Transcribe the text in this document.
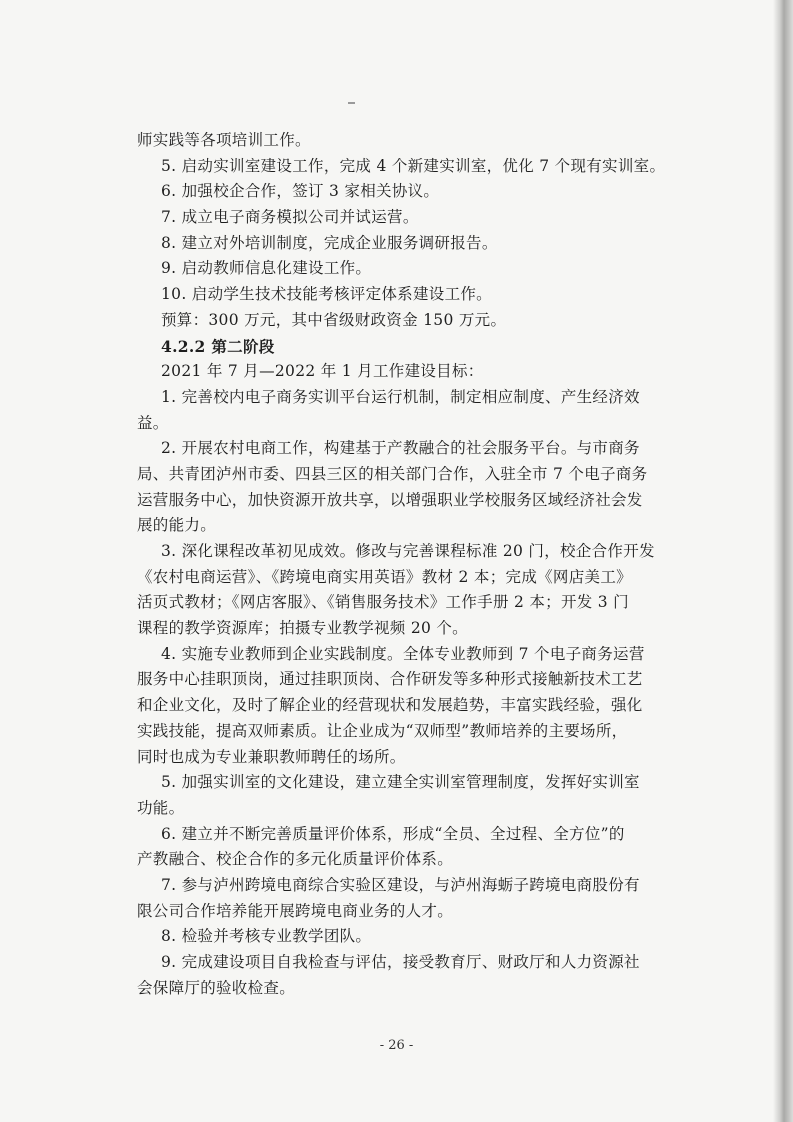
师实践等各项培训工作。
5. 启动实训室建设工作，完成 4 个新建实训室，优化 7 个现有实训室。
6. 加强校企合作，签订 3 家相关协议。
7. 成立电子商务模拟公司并试运营。
8. 建立对外培训制度，完成企业服务调研报告。
9. 启动教师信息化建设工作。
10. 启动学生技术技能考核评定体系建设工作。
预算：300 万元，其中省级财政资金 150 万元。
4.2.2 第二阶段
2021 年 7 月—2022 年 1 月工作建设目标：
1. 完善校内电子商务实训平台运行机制，制定相应制度、产生经济效
益。
2. 开展农村电商工作，构建基于产教融合的社会服务平台。与市商务
局、共青团泸州市委、四县三区的相关部门合作，入驻全市 7 个电子商务
运营服务中心，加快资源开放共享，以增强职业学校服务区域经济社会发
展的能力。
3. 深化课程改革初见成效。修改与完善课程标准 20 门，校企合作开发
《农村电商运营》、《跨境电商实用英语》教材 2 本；完成《网店美工》
活页式教材；《网店客服》、《销售服务技术》工作手册 2 本；开发 3 门
课程的教学资源库；拍摄专业教学视频 20 个。
4. 实施专业教师到企业实践制度。全体专业教师到 7 个电子商务运营
服务中心挂职顶岗，通过挂职顶岗、合作研发等多种形式接触新技术工艺
和企业文化，及时了解企业的经营现状和发展趋势，丰富实践经验，强化
实践技能，提高双师素质。让企业成为“双师型”教师培养的主要场所，
同时也成为专业兼职教师聘任的场所。
5. 加强实训室的文化建设，建立建全实训室管理制度，发挥好实训室
功能。
6. 建立并不断完善质量评价体系，形成“全员、全过程、全方位”的
产教融合、校企合作的多元化质量评价体系。
7. 参与泸州跨境电商综合实验区建设，与泸州海蛎子跨境电商股份有
限公司合作培养能开展跨境电商业务的人才。
8. 检验并考核专业教学团队。
9. 完成建设项目自我检查与评估，接受教育厅、财政厅和人力资源社
会保障厅的验收检查。
- 26 -
